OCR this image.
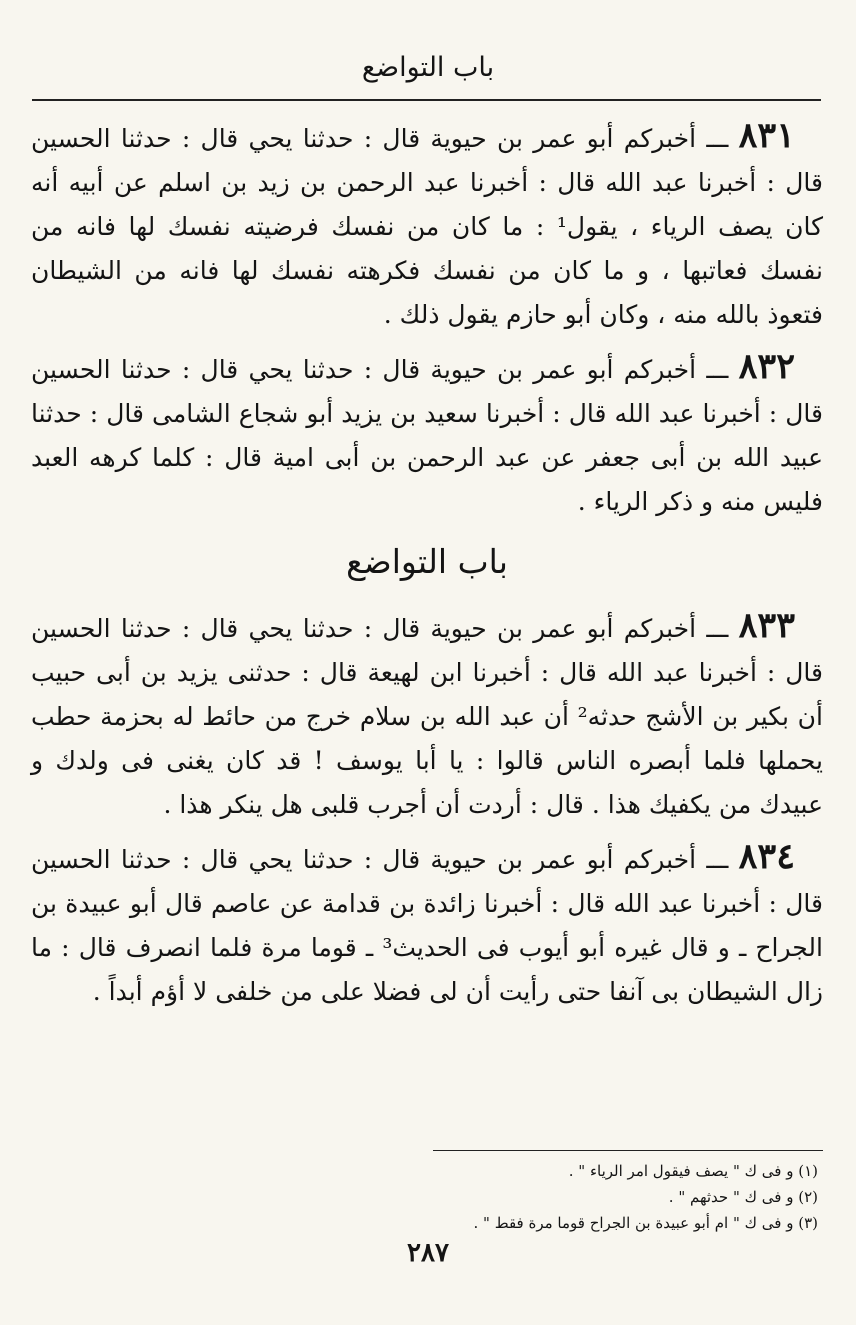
باب التواضع

٨٣١ ـــ أخبركم أبو عمر بن حيوية قال : حدثنا يحي قال : حدثنا الحسين قال : أخبرنا عبد الله قال : أخبرنا عبد الرحمن بن زيد بن اسلم عن أبيه أنه كان يصف الرياء ، يقول¹ : ما كان من نفسك فرضيته نفسك لها فانه من نفسك فعاتبها ، و ما كان من نفسك فكرهته نفسك لها فانه من الشيطان فتعوذ بالله منه ، وكان أبو حازم يقول ذلك .

٨٣٢ ـــ أخبركم أبو عمر بن حيوية قال : حدثنا يحي قال : حدثنا الحسين قال : أخبرنا عبد الله قال : أخبرنا سعيد بن يزيد أبو شجاع الشامى قال : حدثنا عبيد الله بن أبى جعفر عن عبد الرحمن بن أبى امية قال : كلما كرهه العبد فليس منه و ذكر الرياء .

باب التواضع

٨٣٣ ـــ أخبركم أبو عمر بن حيوية قال : حدثنا يحي قال : حدثنا الحسين قال : أخبرنا عبد الله قال : أخبرنا ابن لهيعة قال : حدثنى يزيد بن أبى حبيب أن بكير بن الأشج حدثه² أن عبد الله بن سلام خرج من حائط له بحزمة حطب يحملها فلما أبصره الناس قالوا : يا أبا يوسف ! قد كان يغنى فى ولدك و عبيدك من يكفيك هذا . قال : أردت أن أجرب قلبى هل ينكر هذا .

٨٣٤ ـــ أخبركم أبو عمر بن حيوية قال : حدثنا يحي قال : حدثنا الحسين قال : أخبرنا عبد الله قال : أخبرنا زائدة بن قدامة عن عاصم قال أبو عبيدة بن الجراح ـ و قال غيره أبو أيوب فى الحديث³ ـ قوما مرة فلما انصرف قال : ما زال الشيطان بى آنفا حتى رأيت أن لى فضلا على من خلفى لا أؤم أبداً .

(١) و فى ك " يصف فيقول امر الرياء " .

(٢) و فى ك " حدثهم " .

(٣) و فى ك " ام أبو عبيدة بن الجراح قوما مرة فقط " .

٢٨٧
